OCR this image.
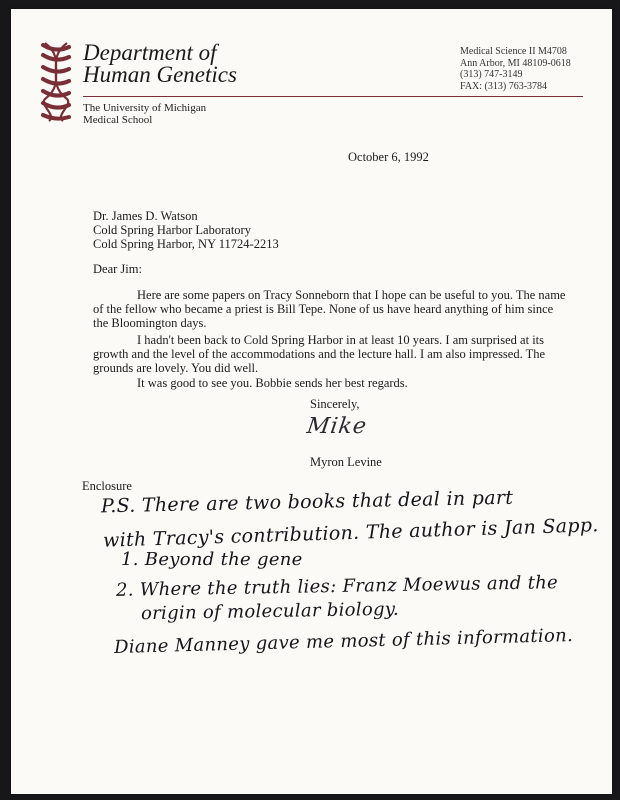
Department of
Human Genetics
The University of Michigan
Medical School
Medical Science II M4708
Ann Arbor, MI 48109-0618
(313) 747-3149
FAX: (313) 763-3784
October 6, 1992
Dr. James D. Watson
Cold Spring Harbor Laboratory
Cold Spring Harbor, NY 11724-2213
Dear Jim:

Here are some papers on Tracy Sonneborn that I hope can be useful to you. The name of the fellow who became a priest is Bill Tepe. None of us have heard anything of him since the Bloomington days.

I hadn't been back to Cold Spring Harbor in at least 10 years. I am surprised at its growth and the level of the accommodations and the lecture hall. I am also impressed. The grounds are lovely. You did well.

It was good to see you. Bobbie sends her best regards.

Sincerely,
Mike
Myron Levine
Enclosure
P.S. There are two books that deal in part
with Tracy's contribution. The author is Jan Sapp.
1. Beyond the gene
2. Where the truth lies: Franz Moewus and the
origin of molecular biology.
Diane Manney gave me most of this information.
